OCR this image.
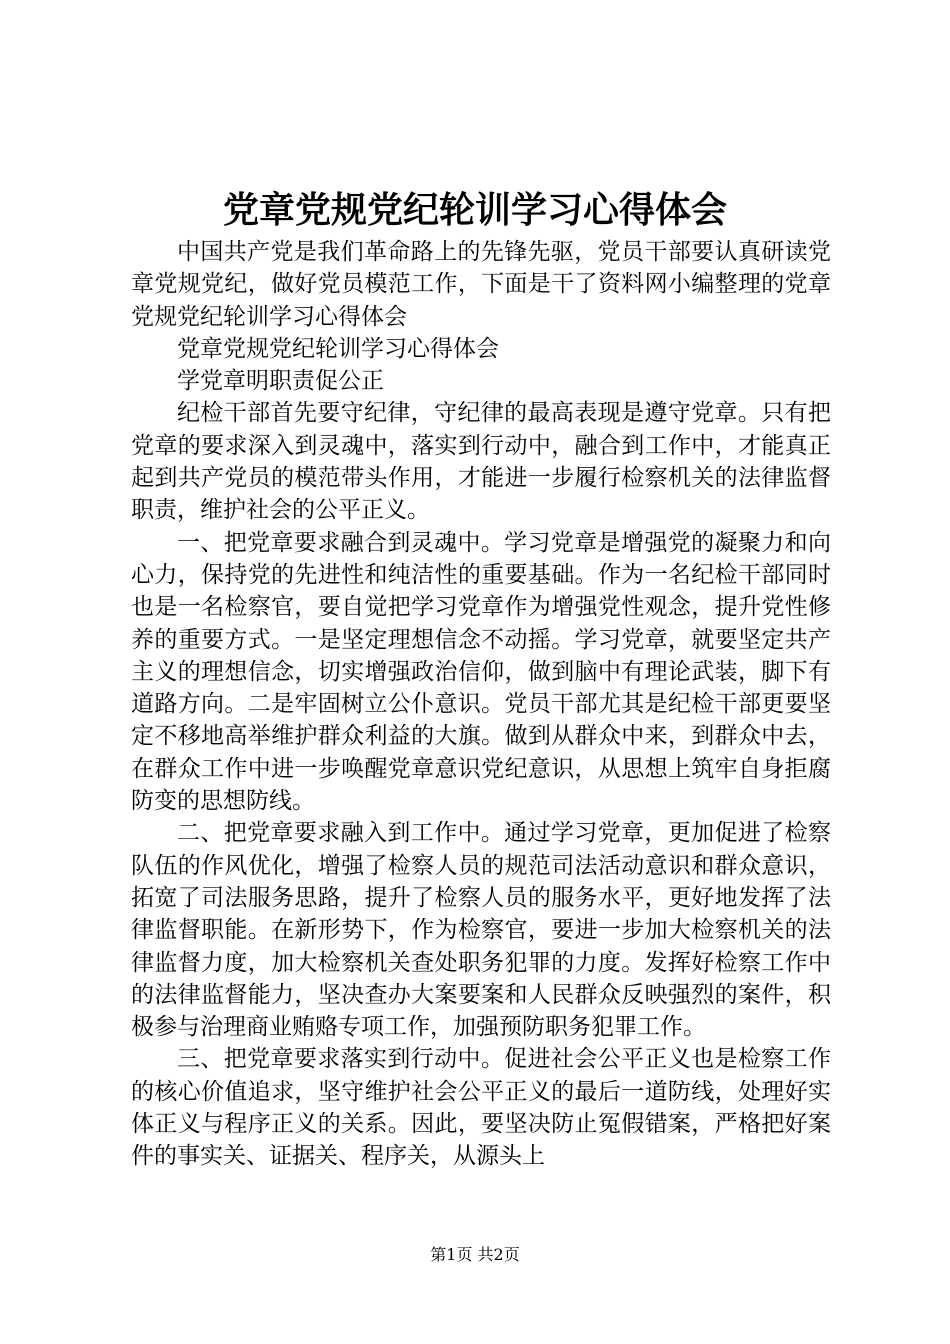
党章党规党纪轮训学习心得体会

中国共产党是我们革命路上的先锋先驱，党员干部要认真研读党章党规党纪，做好党员模范工作，下面是干了资料网小编整理的党章党规党纪轮训学习心得体会

党章党规党纪轮训学习心得体会

学党章明职责促公正

纪检干部首先要守纪律，守纪律的最高表现是遵守党章。只有把党章的要求深入到灵魂中，落实到行动中，融合到工作中，才能真正起到共产党员的模范带头作用，才能进一步履行检察机关的法律监督职责，维护社会的公平正义。

一、把党章要求融合到灵魂中。学习党章是增强党的凝聚力和向心力，保持党的先进性和纯洁性的重要基础。作为一名纪检干部同时也是一名检察官，要自觉把学习党章作为增强党性观念，提升党性修养的重要方式。一是坚定理想信念不动摇。学习党章，就要坚定共产主义的理想信念，切实增强政治信仰，做到脑中有理论武装，脚下有道路方向。二是牢固树立公仆意识。党员干部尤其是纪检干部更要坚定不移地高举维护群众利益的大旗。做到从群众中来，到群众中去，在群众工作中进一步唤醒党章意识党纪意识，从思想上筑牢自身拒腐防变的思想防线。

二、把党章要求融入到工作中。通过学习党章，更加促进了检察队伍的作风优化，增强了检察人员的规范司法活动意识和群众意识，拓宽了司法服务思路，提升了检察人员的服务水平，更好地发挥了法律监督职能。在新形势下，作为检察官，要进一步加大检察机关的法律监督力度，加大检察机关查处职务犯罪的力度。发挥好检察工作中的法律监督能力，坚决查办大案要案和人民群众反映强烈的案件，积极参与治理商业贿赂专项工作，加强预防职务犯罪工作。

三、把党章要求落实到行动中。促进社会公平正义也是检察工作的核心价值追求，坚守维护社会公平正义的最后一道防线，处理好实体正义与程序正义的关系。因此，要坚决防止冤假错案，严格把好案件的事实关、证据关、程序关，从源头上

第1页 共2页
